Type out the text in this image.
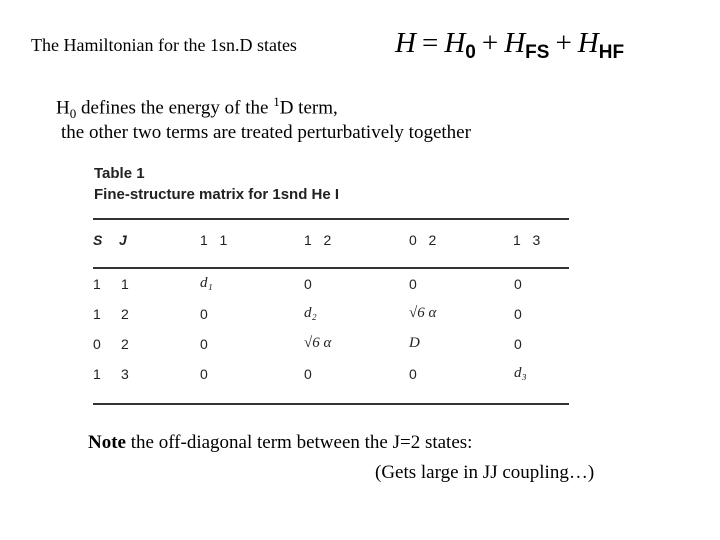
The Hamiltonian for the 1sn.D states	$H = H_0 + H_{FS} + H_{HF}$
$H_0$ defines the energy of the $^1$D term,
the other two terms are treated perturbatively together
Table 1
Fine-structure matrix for 1snd He I
S J	1   1	1   2	0   2	1   3
1 1	d₁	0	0	0
1 2	0	d₂	√6 α	0
0 2	0	√6 α	D	0
1 3	0	0	0	d₃
Note the off-diagonal term between the J=2 states:
(Gets large in JJ coupling…)
